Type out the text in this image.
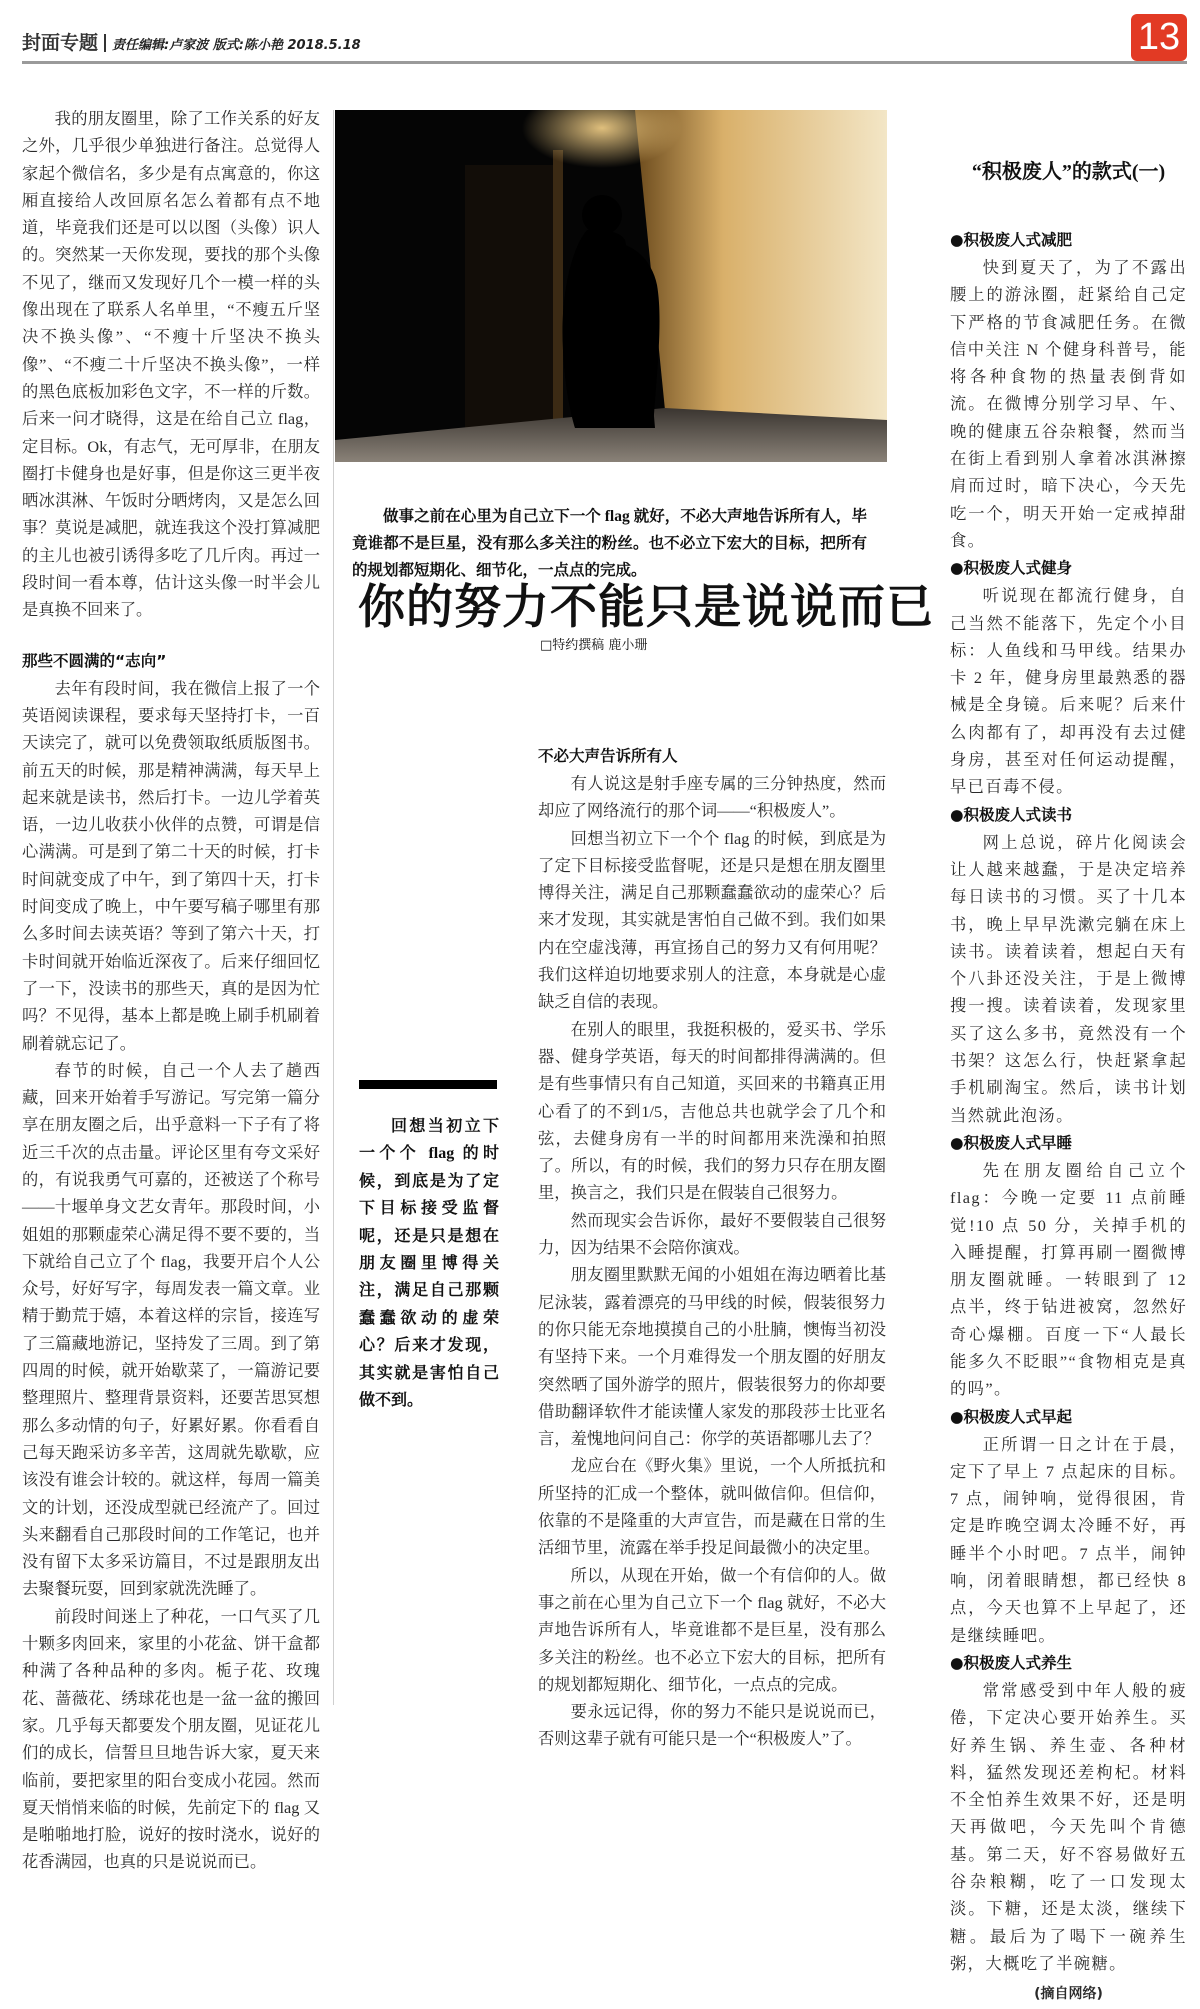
封面专题 责任编辑:卢家波 版式:陈小艳 2018.5.18	13

我的朋友圈里，除了工作关系的好友之外，几乎很少单独进行备注。总觉得人家起个微信名，多少是有点寓意的，你这厢直接给人改回原名怎么着都有点不地道，毕竟我们还是可以以图（头像）识人的。突然某一天你发现，要找的那个头像不见了，继而又发现好几个一模一样的头像出现在了联系人名单里，“不瘦五斤坚决不换头像”、“不瘦十斤坚决不换头像”、“不瘦二十斤坚决不换头像”，一样的黑色底板加彩色文字，不一样的斤数。后来一问才晓得，这是在给自己立 flag，定目标。Ok，有志气，无可厚非，在朋友圈打卡健身也是好事，但是你这三更半夜晒冰淇淋、午饭时分晒烤肉，又是怎么回事？莫说是减肥，就连我这个没打算减肥的主儿也被引诱得多吃了几斤肉。再过一段时间一看本尊，估计这头像一时半会儿是真换不回来了。

那些不圆满的“志向”

去年有段时间，我在微信上报了一个英语阅读课程，要求每天坚持打卡，一百天读完了，就可以免费领取纸质版图书。前五天的时候，那是精神满满，每天早上起来就是读书，然后打卡。一边儿学着英语，一边儿收获小伙伴的点赞，可谓是信心满满。可是到了第二十天的时候，打卡时间就变成了中午，到了第四十天，打卡时间变成了晚上，中午要写稿子哪里有那么多时间去读英语？等到了第六十天，打卡时间就开始临近深夜了。后来仔细回忆了一下，没读书的那些天，真的是因为忙吗？不见得，基本上都是晚上刷手机刷着刷着就忘记了。

春节的时候，自己一个人去了趟西藏，回来开始着手写游记。写完第一篇分享在朋友圈之后，出乎意料一下子有了将近三千次的点击量。评论区里有夸文采好的，有说我勇气可嘉的，还被送了个称号——十堰单身文艺女青年。那段时间，小姐姐的那颗虚荣心满足得不要不要的，当下就给自己立了个 flag，我要开启个人公众号，好好写字，每周发表一篇文章。业精于勤荒于嬉，本着这样的宗旨，接连写了三篇藏地游记，坚持发了三周。到了第四周的时候，就开始歇菜了，一篇游记要整理照片、整理背景资料，还要苦思冥想那么多动情的句子，好累好累。你看看自己每天跑采访多辛苦，这周就先歇歇，应该没有谁会计较的。就这样，每周一篇美文的计划，还没成型就已经流产了。回过头来翻看自己那段时间的工作笔记，也并没有留下太多采访篇目，不过是跟朋友出去聚餐玩耍，回到家就洗洗睡了。

前段时间迷上了种花，一口气买了几十颗多肉回来，家里的小花盆、饼干盒都种满了各种品种的多肉。栀子花、玫瑰花、蔷薇花、绣球花也是一盆一盆的搬回家。几乎每天都要发个朋友圈，见证花儿们的成长，信誓旦旦地告诉大家，夏天来临前，要把家里的阳台变成小花园。然而夏天悄悄来临的时候，先前定下的 flag 又是啪啪地打脸，说好的按时浇水，说好的花香满园，也真的只是说说而已。

做事之前在心里为自己立下一个 flag 就好，不必大声地告诉所有人，毕竟谁都不是巨星，没有那么多关注的粉丝。也不必立下宏大的目标，把所有的规划都短期化、细节化，一点点的完成。

你的努力不能只是说说而已
□特约撰稿 鹿小珊

回想当初立下一个个 flag 的时候，到底是为了定下目标接受监督呢，还是只是想在朋友圈里博得关注，满足自己那颗蠢蠢欲动的虚荣心？后来才发现，其实就是害怕自己做不到。

不必大声告诉所有人

有人说这是射手座专属的三分钟热度，然而却应了网络流行的那个词——“积极废人”。

回想当初立下一个个 flag 的时候，到底是为了定下目标接受监督呢，还是只是想在朋友圈里博得关注，满足自己那颗蠢蠢欲动的虚荣心？后来才发现，其实就是害怕自己做不到。我们如果内在空虚浅薄，再宣扬自己的努力又有何用呢？我们这样迫切地要求别人的注意，本身就是心虚缺乏自信的表现。

在别人的眼里，我挺积极的，爱买书、学乐器、健身学英语，每天的时间都排得满满的。但是有些事情只有自己知道，买回来的书籍真正用心看了的不到1/5，吉他总共也就学会了几个和弦，去健身房有一半的时间都用来洗澡和拍照了。所以，有的时候，我们的努力只存在朋友圈里，换言之，我们只是在假装自己很努力。

然而现实会告诉你，最好不要假装自己很努力，因为结果不会陪你演戏。

朋友圈里默默无闻的小姐姐在海边晒着比基尼泳装，露着漂亮的马甲线的时候，假装很努力的你只能无奈地摸摸自己的小肚腩，懊悔当初没有坚持下来。一个月难得发一个朋友圈的好朋友突然晒了国外游学的照片，假装很努力的你却要借助翻译软件才能读懂人家发的那段莎士比亚名言，羞愧地问问自己：你学的英语都哪儿去了？

龙应台在《野火集》里说，一个人所抵抗和所坚持的汇成一个整体，就叫做信仰。但信仰，依靠的不是隆重的大声宣告，而是藏在日常的生活细节里，流露在举手投足间最微小的决定里。

所以，从现在开始，做一个有信仰的人。做事之前在心里为自己立下一个 flag 就好，不必大声地告诉所有人，毕竟谁都不是巨星，没有那么多关注的粉丝。也不必立下宏大的目标，把所有的规划都短期化、细节化，一点点的完成。

要永远记得，你的努力不能只是说说而已，否则这辈子就有可能只是一个“积极废人”了。

“积极废人”的款式(一)

●积极废人式减肥

快到夏天了，为了不露出腰上的游泳圈，赶紧给自己定下严格的节食减肥任务。在微信中关注 N 个健身科普号，能将各种食物的热量表倒背如流。在微博分别学习早、午、晚的健康五谷杂粮餐，然而当在街上看到别人拿着冰淇淋擦肩而过时，暗下决心，今天先吃一个，明天开始一定戒掉甜食。

●积极废人式健身

听说现在都流行健身，自己当然不能落下，先定个小目标：人鱼线和马甲线。结果办卡 2 年，健身房里最熟悉的器械是全身镜。后来呢？后来什么肉都有了，却再没有去过健身房，甚至对任何运动提醒，早已百毒不侵。

●积极废人式读书

网上总说，碎片化阅读会让人越来越蠢，于是决定培养每日读书的习惯。买了十几本书，晚上早早洗漱完躺在床上读书。读着读着，想起白天有个八卦还没关注，于是上微博搜一搜。读着读着，发现家里买了这么多书，竟然没有一个书架？这怎么行，快赶紧拿起手机刷淘宝。然后，读书计划当然就此泡汤。

●积极废人式早睡

先在朋友圈给自己立个 flag：今晚一定要 11 点前睡觉!10 点 50 分，关掉手机的入睡提醒，打算再刷一圈微博朋友圈就睡。一转眼到了 12 点半，终于钻进被窝，忽然好奇心爆棚。百度一下“人最长能多久不眨眼”“食物相克是真的吗”。

●积极废人式早起

正所谓一日之计在于晨，定下了早上 7 点起床的目标。7 点，闹钟响，觉得很困，肯定是昨晚空调太冷睡不好，再睡半个小时吧。7 点半，闹钟响，闭着眼睛想，都已经快 8 点，今天也算不上早起了，还是继续睡吧。

●积极废人式养生

常常感受到中年人般的疲倦，下定决心要开始养生。买好养生锅、养生壶、各种材料，猛然发现还差枸杞。材料不全怕养生效果不好，还是明天再做吧，今天先叫个肯德基。第二天，好不容易做好五谷杂粮糊，吃了一口发现太淡。下糖，还是太淡，继续下糖。最后为了喝下一碗养生粥，大概吃了半碗糖。

(摘自网络)
